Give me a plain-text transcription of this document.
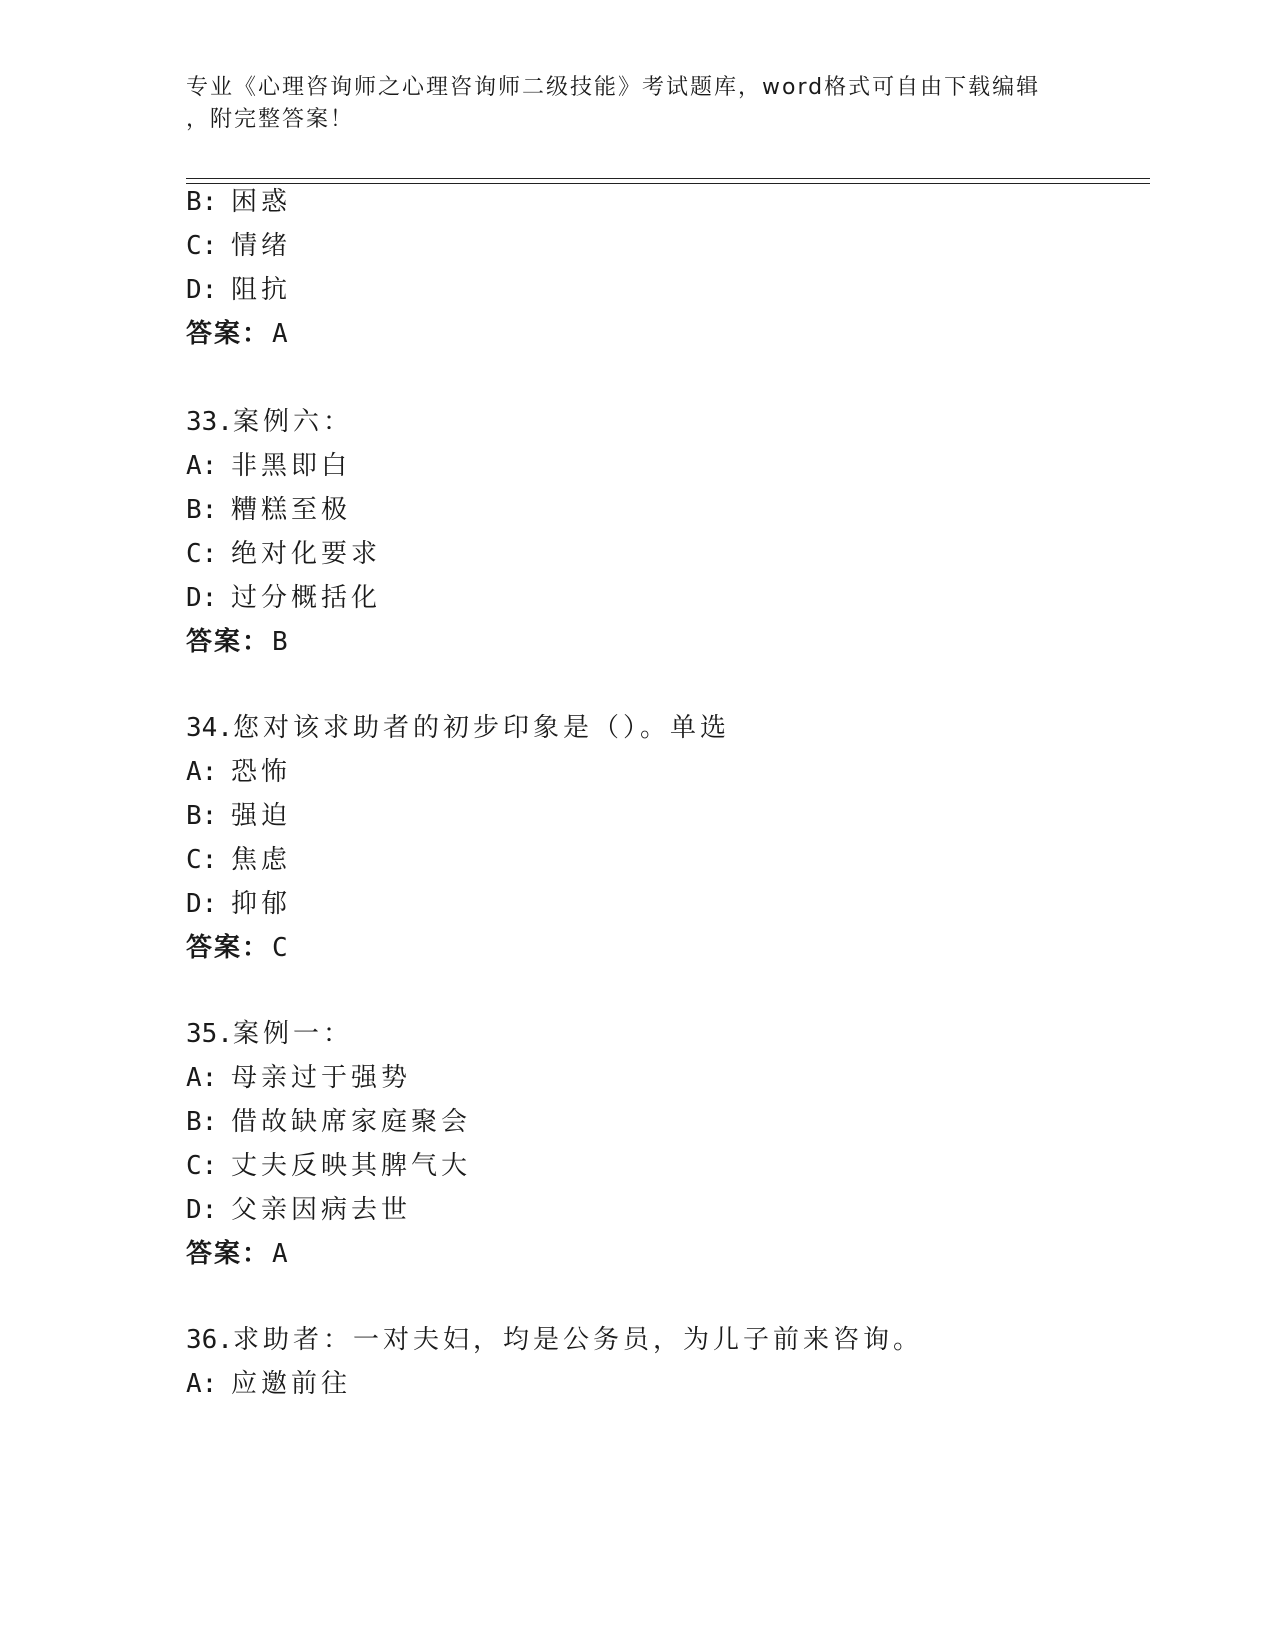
专业《心理咨询师之心理咨询师二级技能》考试题库，word格式可自由下载编辑
，附完整答案！
B: 困惑
C: 情绪
D: 阻抗
答案：A
33.案例六：
A: 非黑即白
B: 糟糕至极
C: 绝对化要求
D: 过分概括化
答案：B
34.您对该求助者的初步印象是（）。单选
A: 恐怖
B: 强迫
C: 焦虑
D: 抑郁
答案：C
35.案例一：
A: 母亲过于强势
B: 借故缺席家庭聚会
C: 丈夫反映其脾气大
D: 父亲因病去世
答案：A
36.求助者：一对夫妇，均是公务员，为儿子前来咨询。
A: 应邀前往
